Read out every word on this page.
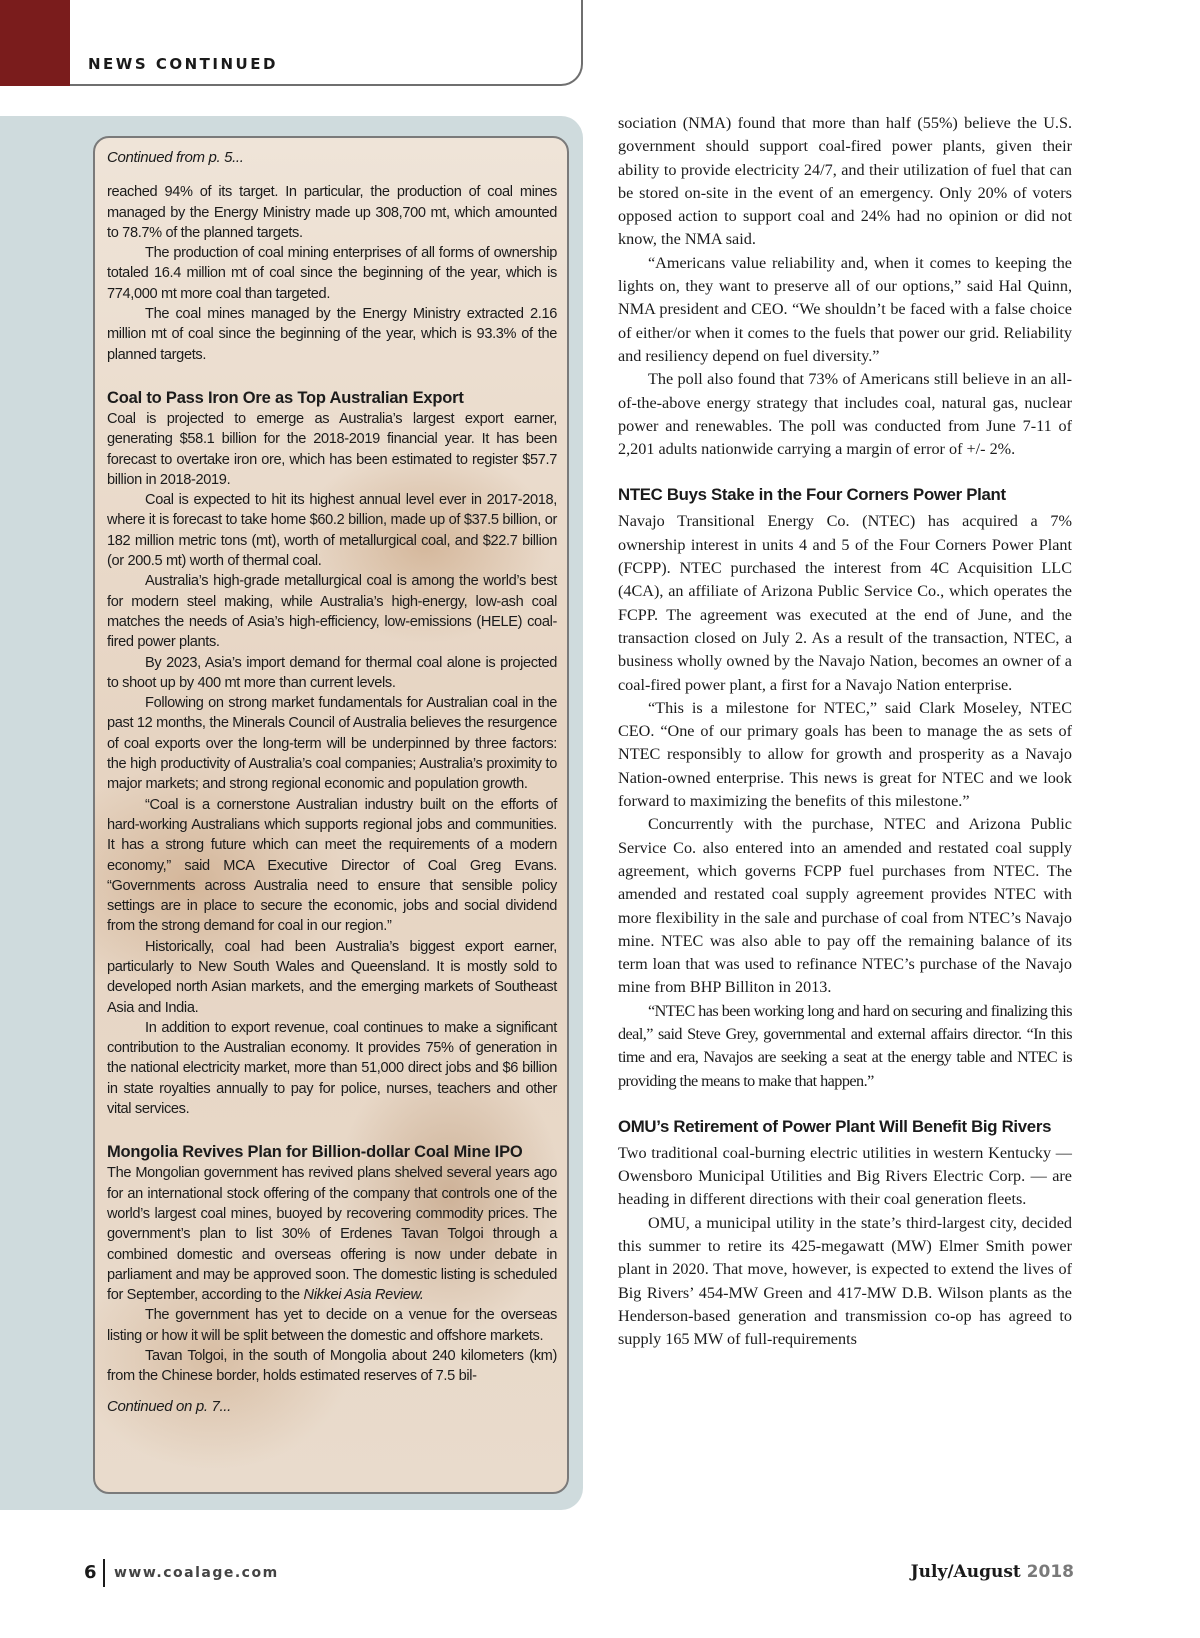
NEWS CONTINUED
Continued from p. 5...

reached 94% of its target. In particular, the production of coal mines managed by the Energy Ministry made up 308,700 mt, which amounted to 78.7% of the planned targets.

The production of coal mining enterprises of all forms of ownership totaled 16.4 million mt of coal since the beginning of the year, which is 774,000 mt more coal than targeted.

The coal mines managed by the Energy Ministry extracted 2.16 million mt of coal since the beginning of the year, which is 93.3% of the planned targets.

Coal to Pass Iron Ore as Top Australian Export

Coal is projected to emerge as Australia’s largest export earner, generating $58.1 billion for the 2018-2019 financial year. It has been forecast to overtake iron ore, which has been estimated to register $57.7 billion in 2018-2019.

Coal is expected to hit its highest annual level ever in 2017-2018, where it is forecast to take home $60.2 billion, made up of $37.5 billion, or 182 million metric tons (mt), worth of metallurgical coal, and $22.7 billion (or 200.5 mt) worth of thermal coal.

Australia’s high-grade metallurgical coal is among the world’s best for modern steel making, while Australia’s high-energy, low-ash coal matches the needs of Asia’s high-efficiency, low-emissions (HELE) coal-fired power plants.

By 2023, Asia’s import demand for thermal coal alone is projected to shoot up by 400 mt more than current levels.

Following on strong market fundamentals for Australian coal in the past 12 months, the Minerals Council of Australia believes the resurgence of coal exports over the long-term will be underpinned by three factors: the high productivity of Australia’s coal companies; Australia’s proximity to major markets; and strong regional economic and population growth.

“Coal is a cornerstone Australian industry built on the efforts of hard-working Australians which supports regional jobs and communities. It has a strong future which can meet the requirements of a modern economy,” said MCA Executive Director of Coal Greg Evans. “Governments across Australia need to ensure that sensible policy settings are in place to secure the economic, jobs and social dividend from the strong demand for coal in our region.”

Historically, coal had been Australia’s biggest export earner, particularly to New South Wales and Queensland. It is mostly sold to developed north Asian markets, and the emerging markets of Southeast Asia and India.

In addition to export revenue, coal continues to make a significant contribution to the Australian economy. It provides 75% of generation in the national electricity market, more than 51,000 direct jobs and $6 billion in state royalties annually to pay for police, nurses, teachers and other vital services.

Mongolia Revives Plan for Billion-dollar Coal Mine IPO

The Mongolian government has revived plans shelved several years ago for an international stock offering of the company that controls one of the world’s largest coal mines, buoyed by recovering commodity prices. The government’s plan to list 30% of Erdenes Tavan Tolgoi through a combined domestic and overseas offering is now under debate in parliament and may be approved soon. The domestic listing is scheduled for September, according to the Nikkei Asia Review.

The government has yet to decide on a venue for the overseas listing or how it will be split between the domestic and offshore markets.

Tavan Tolgoi, in the south of Mongolia about 240 kilometers (km) from the Chinese border, holds estimated reserves of 7.5 bil-

Continued on p. 7...

sociation (NMA) found that more than half (55%) believe the U.S. government should support coal-fired power plants, given their ability to provide electricity 24/7, and their utilization of fuel that can be stored on-site in the event of an emergency. Only 20% of voters opposed action to support coal and 24% had no opinion or did not know, the NMA said.

“Americans value reliability and, when it comes to keeping the lights on, they want to preserve all of our options,” said Hal Quinn, NMA president and CEO. “We shouldn’t be faced with a false choice of either/or when it comes to the fuels that power our grid. Reliability and resiliency depend on fuel diversity.”

The poll also found that 73% of Americans still believe in an all-of-the-above energy strategy that includes coal, natural gas, nuclear power and renewables. The poll was conducted from June 7-11 of 2,201 adults nationwide carrying a margin of error of +/- 2%.

NTEC Buys Stake in the Four Corners Power Plant

Navajo Transitional Energy Co. (NTEC) has acquired a 7% ownership interest in units 4 and 5 of the Four Corners Power Plant (FCPP). NTEC purchased the interest from 4C Acquisition LLC (4CA), an affiliate of Arizona Public Service Co., which operates the FCPP. The agreement was executed at the end of June, and the transaction closed on July 2. As a result of the transaction, NTEC, a business wholly owned by the Navajo Nation, becomes an owner of a coal-fired power plant, a first for a Navajo Nation enterprise.

“This is a milestone for NTEC,” said Clark Moseley, NTEC CEO. “One of our primary goals has been to manage the as sets of NTEC responsibly to allow for growth and prosperity as a Navajo Nation-owned enterprise. This news is great for NTEC and we look forward to maximizing the benefits of this milestone.”

Concurrently with the purchase, NTEC and Arizona Public Service Co. also entered into an amended and restated coal supply agreement, which governs FCPP fuel purchases from NTEC. The amended and restated coal supply agreement provides NTEC with more flexibility in the sale and purchase of coal from NTEC’s Navajo mine. NTEC was also able to pay off the remaining balance of its term loan that was used to refinance NTEC’s purchase of the Navajo mine from BHP Billiton in 2013.

“NTEC has been working long and hard on securing and finalizing this deal,” said Steve Grey, governmental and external affairs director. “In this time and era, Navajos are seeking a seat at the energy table and NTEC is providing the means to make that happen.”

OMU’s Retirement of Power Plant Will Benefit Big Rivers

Two traditional coal-burning electric utilities in western Kentucky — Owensboro Municipal Utilities and Big Rivers Electric Corp. — are heading in different directions with their coal generation fleets.

OMU, a municipal utility in the state’s third-largest city, decided this summer to retire its 425-megawatt (MW) Elmer Smith power plant in 2020. That move, however, is expected to extend the lives of Big Rivers’ 454-MW Green and 417-MW D.B. Wilson plants as the Henderson-based generation and transmission co-op has agreed to supply 165 MW of full-requirements

6 www.coalage.com	July/August 2018
